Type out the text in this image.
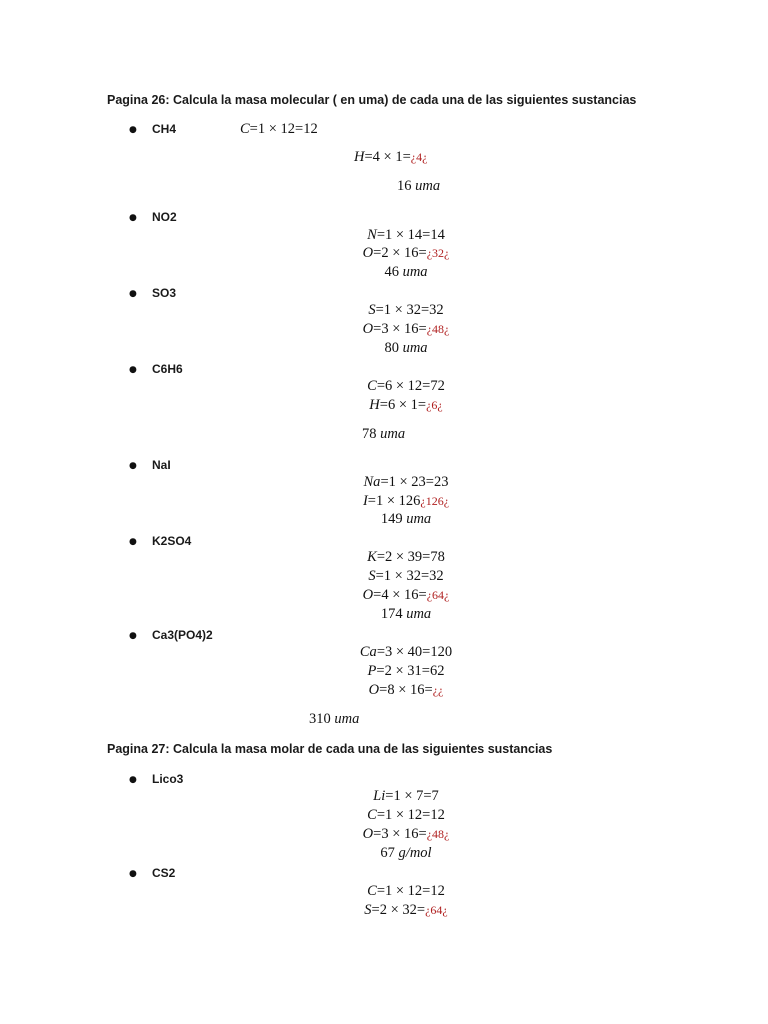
Pagina 26: Calcula la masa molecular ( en uma) de cada una de las siguientes sustancias
● CH4	C=1 × 12=12
H=4 × 1=¿4¿
16 uma
● NO2
N=1 × 14=14
O=2 × 16=¿32¿
46 uma
● SO3
S=1 × 32=32
O=3 × 16=¿48¿
80 uma
● C6H6
C=6 × 12=72
H=6 × 1=¿6¿
78 uma
● NaI
Na=1 × 23=23
I=1 × 126¿126¿
149 uma
● K2SO4
K=2 × 39=78
S=1 × 32=32
O=4 × 16=¿64¿
174 uma
● Ca3(PO4)2
Ca=3 × 40=120
P=2 × 31=62
O=8 × 16=¿¿
310 uma
Pagina 27: Calcula la masa molar de cada una de las siguientes sustancias
● Lico3
Li=1 × 7=7
C=1 × 12=12
O=3 × 16=¿48¿
67 g/mol
● CS2
C=1 × 12=12
S=2 × 32=¿64¿
